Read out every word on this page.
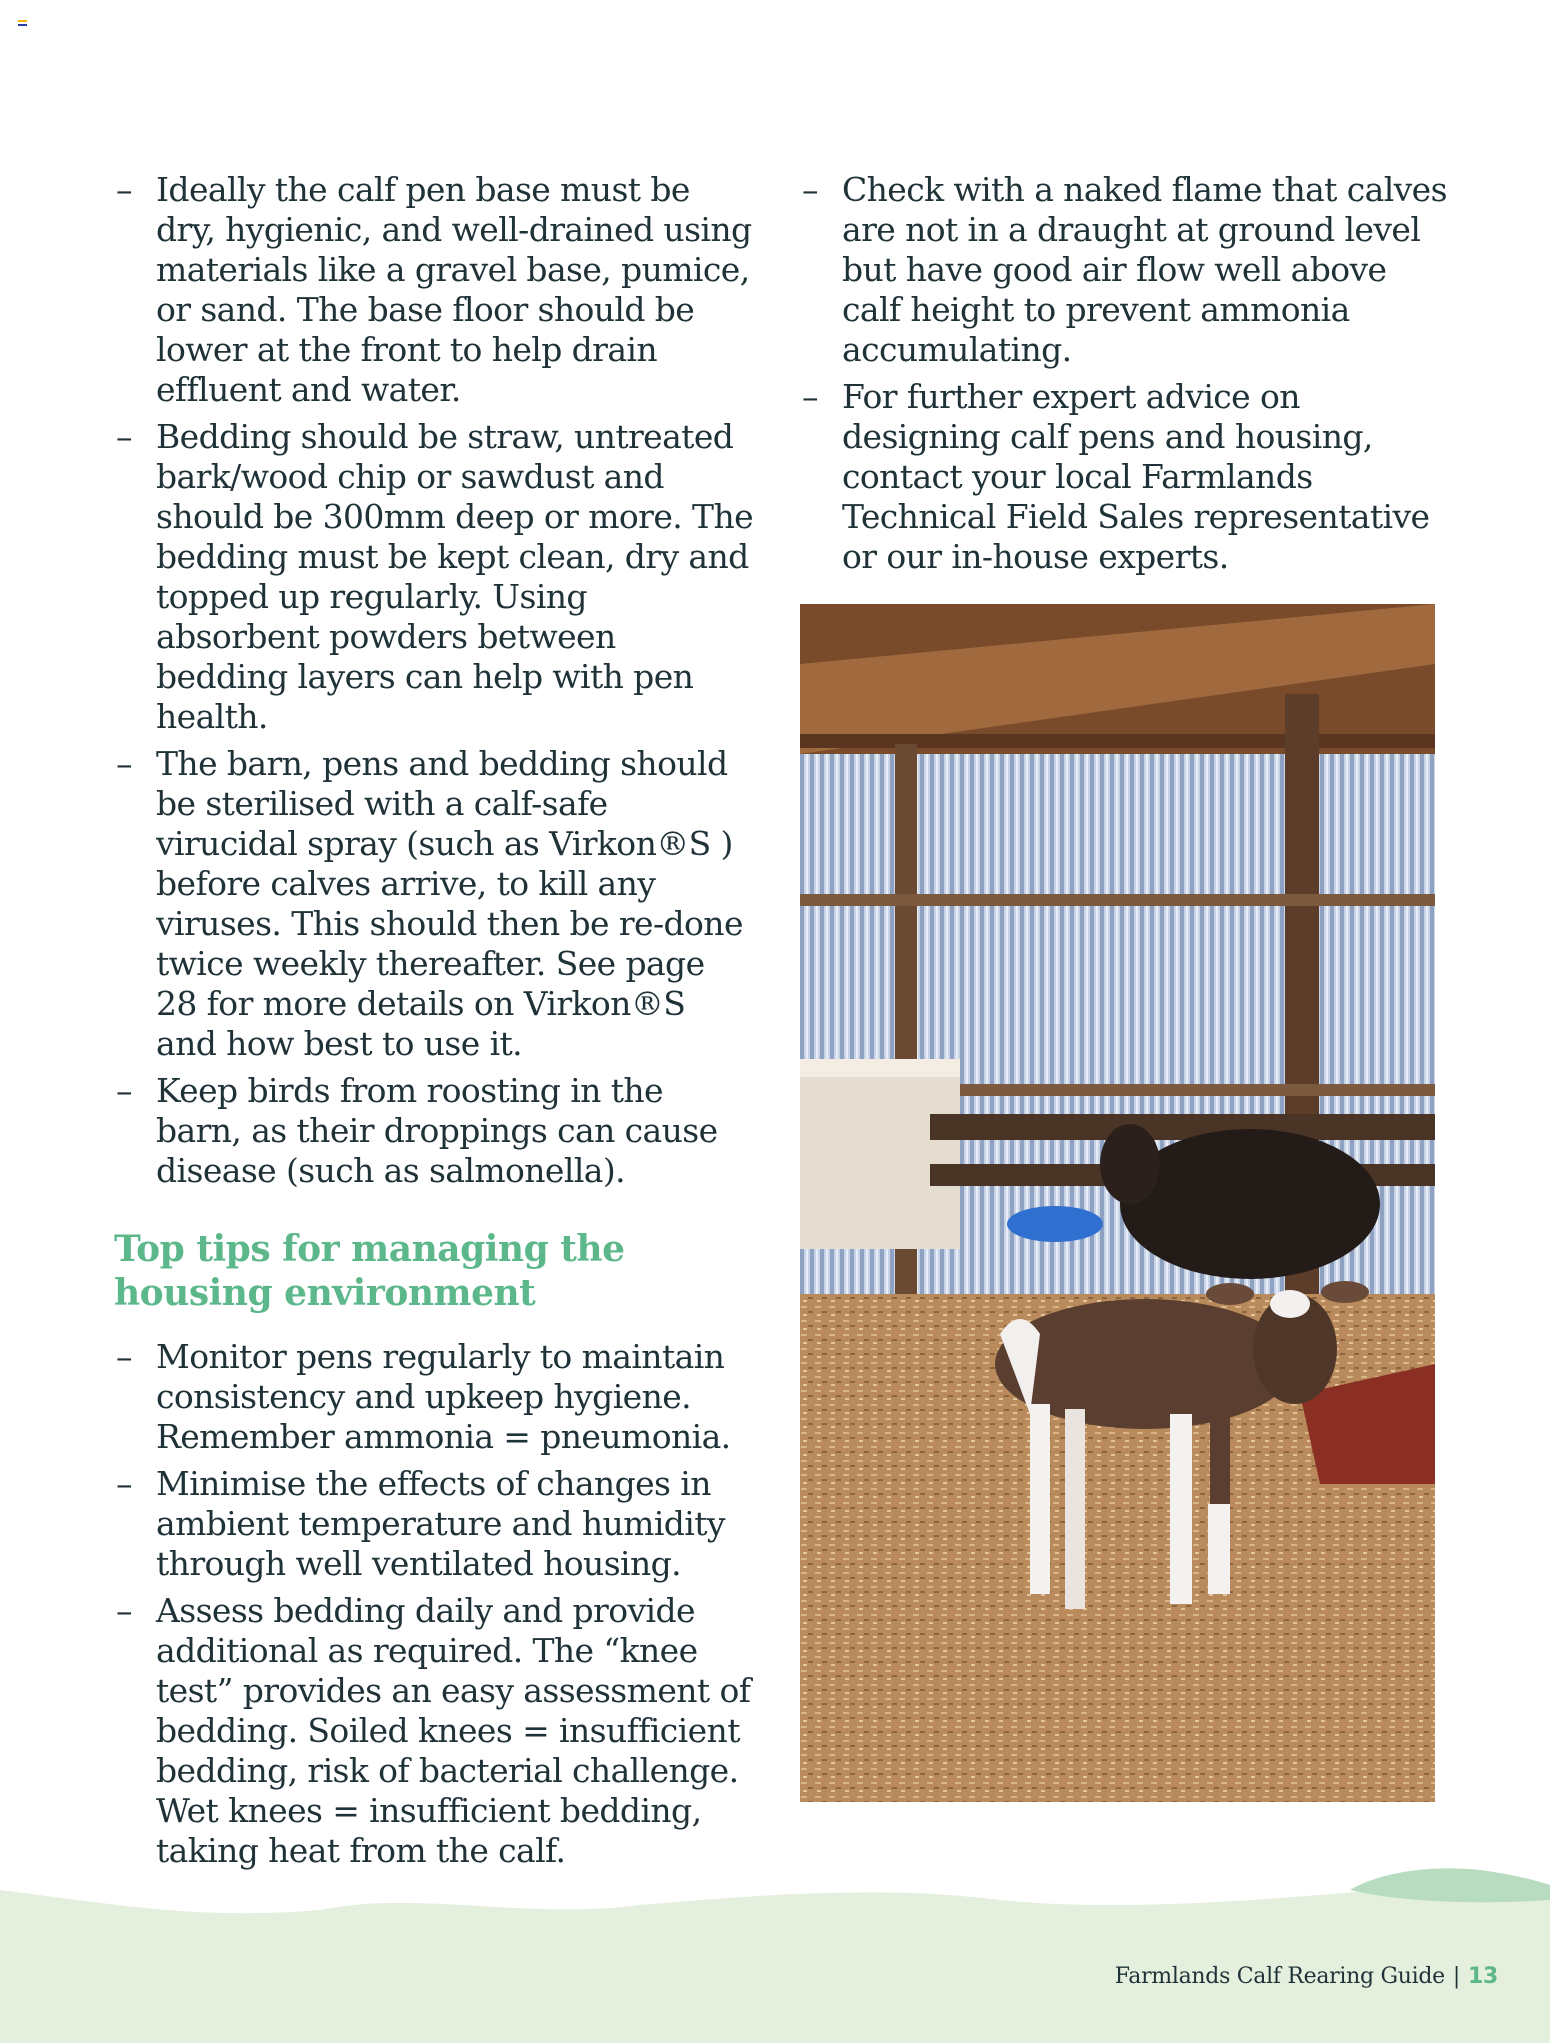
– Ideally the calf pen base must be dry, hygienic, and well-drained using materials like a gravel base, pumice, or sand. The base floor should be lower at the front to help drain effluent and water.
– Bedding should be straw, untreated bark/wood chip or sawdust and should be 300mm deep or more. The bedding must be kept clean, dry and topped up regularly. Using absorbent powders between bedding layers can help with pen health.
– The barn, pens and bedding should be sterilised with a calf-safe virucidal spray (such as Virkon®S ) before calves arrive, to kill any viruses. This should then be re-done twice weekly thereafter. See page 28 for more details on Virkon®S and how best to use it.
– Keep birds from roosting in the barn, as their droppings can cause disease (such as salmonella).
Top tips for managing the housing environment
– Monitor pens regularly to maintain consistency and upkeep hygiene. Remember ammonia = pneumonia.
– Minimise the effects of changes in ambient temperature and humidity through well ventilated housing.
– Assess bedding daily and provide additional as required. The “knee test” provides an easy assessment of bedding. Soiled knees = insufficient bedding, risk of bacterial challenge. Wet knees = insufficient bedding, taking heat from the calf.
– Check with a naked flame that calves are not in a draught at ground level but have good air flow well above calf height to prevent ammonia accumulating.
– For further expert advice on designing calf pens and housing, contact your local Farmlands Technical Field Sales representative or our in-house experts.
Farmlands Calf Rearing Guide | 13
